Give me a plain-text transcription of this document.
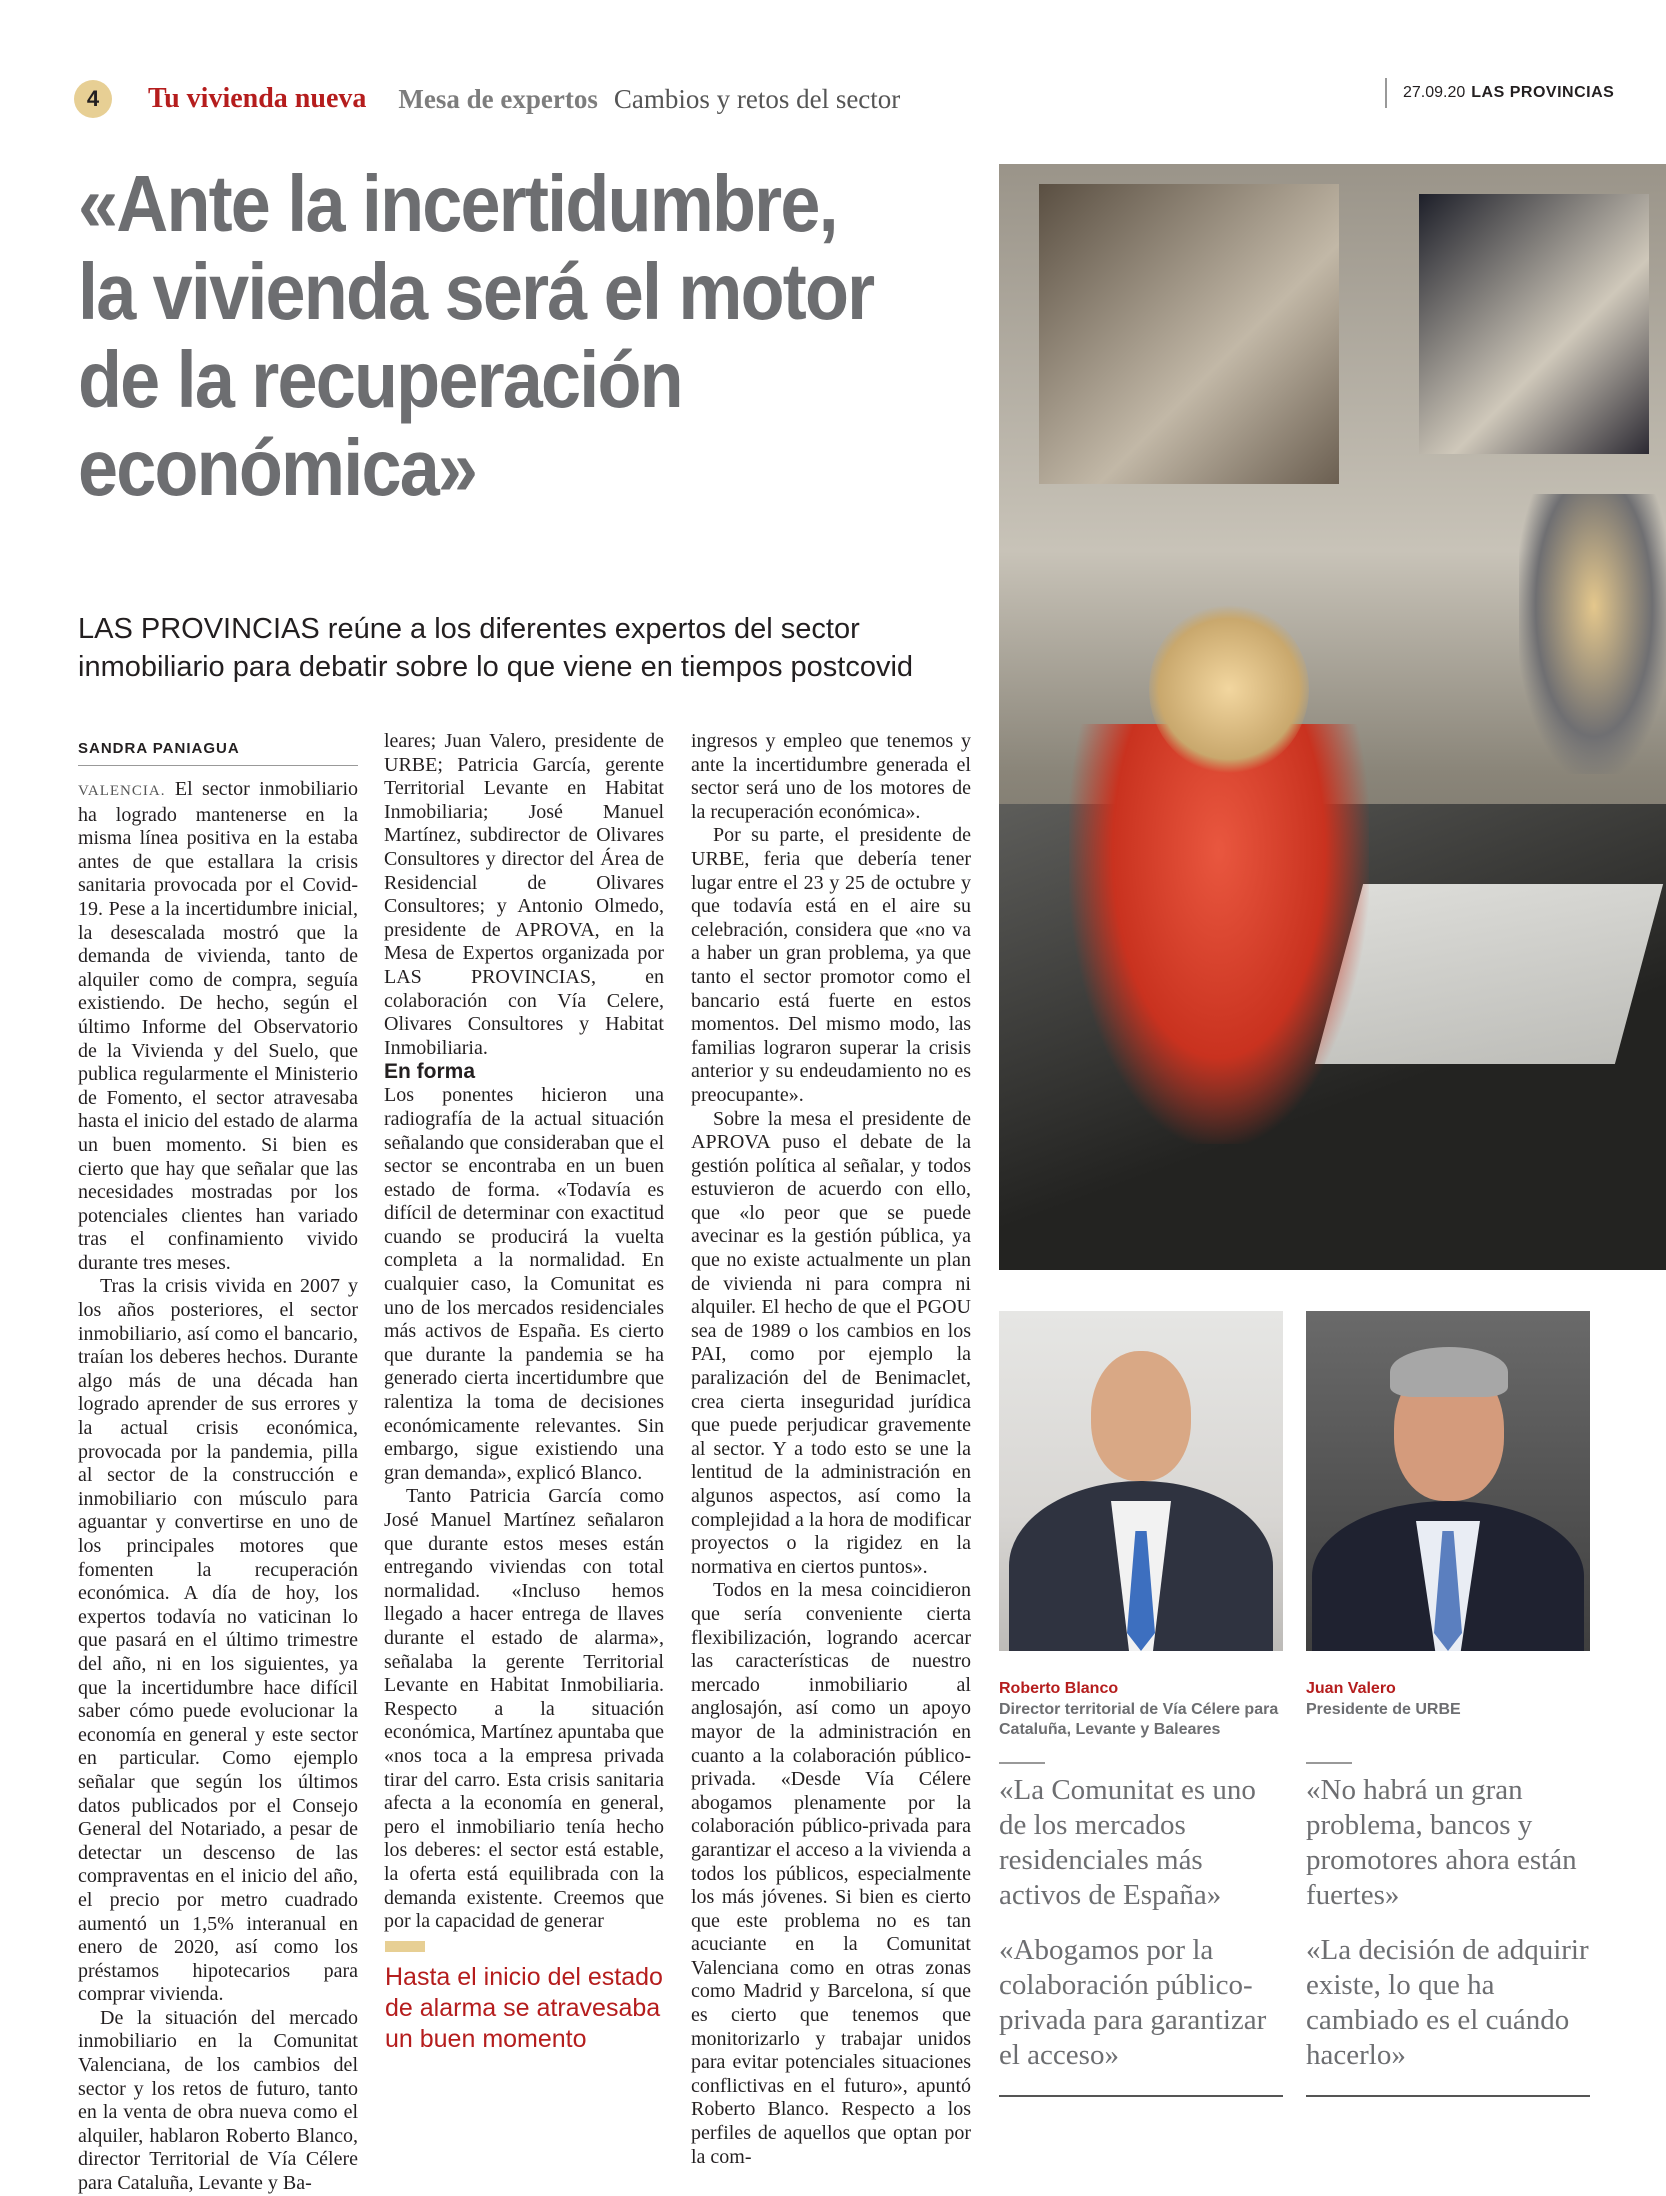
4	Tu vivienda nueva Mesa de expertos Cambios y retos del sector	27.09.20 LAS PROVINCIAS
«Ante la incertidumbre, la vivienda será el motor de la recuperación económica»

LAS PROVINCIAS reúne a los diferentes expertos del sector inmobiliario para debatir sobre lo que viene en tiempos postcovid

SANDRA PANIAGUA

VALENCIA. El sector inmobiliario ha logrado mantenerse en la misma línea positiva en la estaba antes de que estallara la crisis sanitaria provocada por el Covid-19. Pese a la incertidumbre inicial, la desescalada mostró que la demanda de vivienda, tanto de alquiler como de compra, seguía existiendo. De hecho, según el último Informe del Observatorio de la Vivienda y del Suelo, que publica regularmente el Ministerio de Fomento, el sector atravesaba hasta el inicio del estado de alarma un buen momento. Si bien es cierto que hay que señalar que las necesidades mostradas por los potenciales clientes han variado tras el confinamiento vivido durante tres meses.

Tras la crisis vivida en 2007 y los años posteriores, el sector inmobiliario, así como el bancario, traían los deberes hechos. Durante algo más de una década han logrado aprender de sus errores y la actual crisis económica, provocada por la pandemia, pilla al sector de la construcción e inmobiliario con músculo para aguantar y convertirse en uno de los principales motores que fomenten la recuperación económica. A día de hoy, los expertos todavía no vaticinan lo que pasará en el último trimestre del año, ni en los siguientes, ya que la incertidumbre hace difícil saber cómo puede evolucionar la economía en general y este sector en particular. Como ejemplo señalar que según los últimos datos publicados por el Consejo General del Notariado, a pesar de detectar un descenso de las compraventas en el inicio del año, el precio por metro cuadrado aumentó un 1,5% interanual en enero de 2020, así como los préstamos hipotecarios para comprar vivienda.

De la situación del mercado inmobiliario en la Comunitat Valenciana, de los cambios del sector y los retos de futuro, tanto en la venta de obra nueva como el alquiler, hablaron Roberto Blanco, director Territorial de Vía Célere para Cataluña, Levante y Ba-

leares; Juan Valero, presidente de URBE; Patricia García, gerente Territorial Levante en Habitat Inmobiliaria; José Manuel Martínez, subdirector de Olivares Consultores y director del Área de Residencial de Olivares Consultores; y Antonio Olmedo, presidente de APROVA, en la Mesa de Expertos organizada por LAS PROVINCIAS, en colaboración con Vía Celere, Olivares Consultores y Habitat Inmobiliaria.

En forma

Los ponentes hicieron una radiografía de la actual situación señalando que consideraban que el sector se encontraba en un buen estado de forma. «Todavía es difícil de determinar con exactitud cuando se producirá la vuelta completa a la normalidad. En cualquier caso, la Comunitat es uno de los mercados residenciales más activos de España. Es cierto que durante la pandemia se ha generado cierta incertidumbre que ralentiza la toma de decisiones económicamente relevantes. Sin embargo, sigue existiendo una gran demanda», explicó Blanco.

Tanto Patricia García como José Manuel Martínez señalaron que durante estos meses están entregando viviendas con total normalidad. «Incluso hemos llegado a hacer entrega de llaves durante el estado de alarma», señalaba la gerente Territorial Levante en Habitat Inmobiliaria. Respecto a la situación económica, Martínez apuntaba que «nos toca a la empresa privada tirar del carro. Esta crisis sanitaria afecta a la economía en general, pero el inmobiliario tenía hecho los deberes: el sector está estable, la oferta está equilibrada con la demanda existente. Creemos que por la capacidad de generar

Hasta el inicio del estado de alarma se atravesaba un buen momento

ingresos y empleo que tenemos y ante la incertidumbre generada el sector será uno de los motores de la recuperación económica».

Por su parte, el presidente de URBE, feria que debería tener lugar entre el 23 y 25 de octubre y que todavía está en el aire su celebración, considera que «no va a haber un gran problema, ya que tanto el sector promotor como el bancario está fuerte en estos momentos. Del mismo modo, las familias lograron superar la crisis anterior y su endeudamiento no es preocupante».

Sobre la mesa el presidente de APROVA puso el debate de la gestión política al señalar, y todos estuvieron de acuerdo con ello, que «lo peor que se puede avecinar es la gestión pública, ya que no existe actualmente un plan de vivienda ni para compra ni alquiler. El hecho de que el PGOU sea de 1989 o los cambios en los PAI, como por ejemplo la paralización del de Benimaclet, crea cierta inseguridad jurídica que puede perjudicar gravemente al sector. Y a todo esto se une la lentitud de la administración en algunos aspectos, así como la complejidad a la hora de modificar proyectos o la rigidez en la normativa en ciertos puntos».

Todos en la mesa coincidieron que sería conveniente cierta flexibilización, logrando acercar las características de nuestro mercado inmobiliario al anglosajón, así como un apoyo mayor de la administración en cuanto a la colaboración público-privada. «Desde Vía Célere abogamos plenamente por la colaboración público-privada para garantizar el acceso a la vivienda a todos los públicos, especialmente los más jóvenes. Si bien es cierto que este problema no es tan acuciante en la Comunitat Valenciana como en otras zonas como Madrid y Barcelona, sí que es cierto que tenemos que monitorizarlo y trabajar unidos para evitar potenciales situaciones conflictivas en el futuro», apuntó Roberto Blanco. Respecto a los perfiles de aquellos que optan por la com-

Roberto Blanco
Director territorial de Vía Célere para Cataluña, Levante y Baleares
Juan Valero
Presidente de URBE

«La Comunitat es uno de los mercados residenciales más activos de España»

«No habrá un gran problema, bancos y promotores ahora están fuertes»

«Abogamos por la colaboración público-privada para garantizar el acceso»

«La decisión de adquirir existe, lo que ha cambiado es el cuándo hacerlo»
